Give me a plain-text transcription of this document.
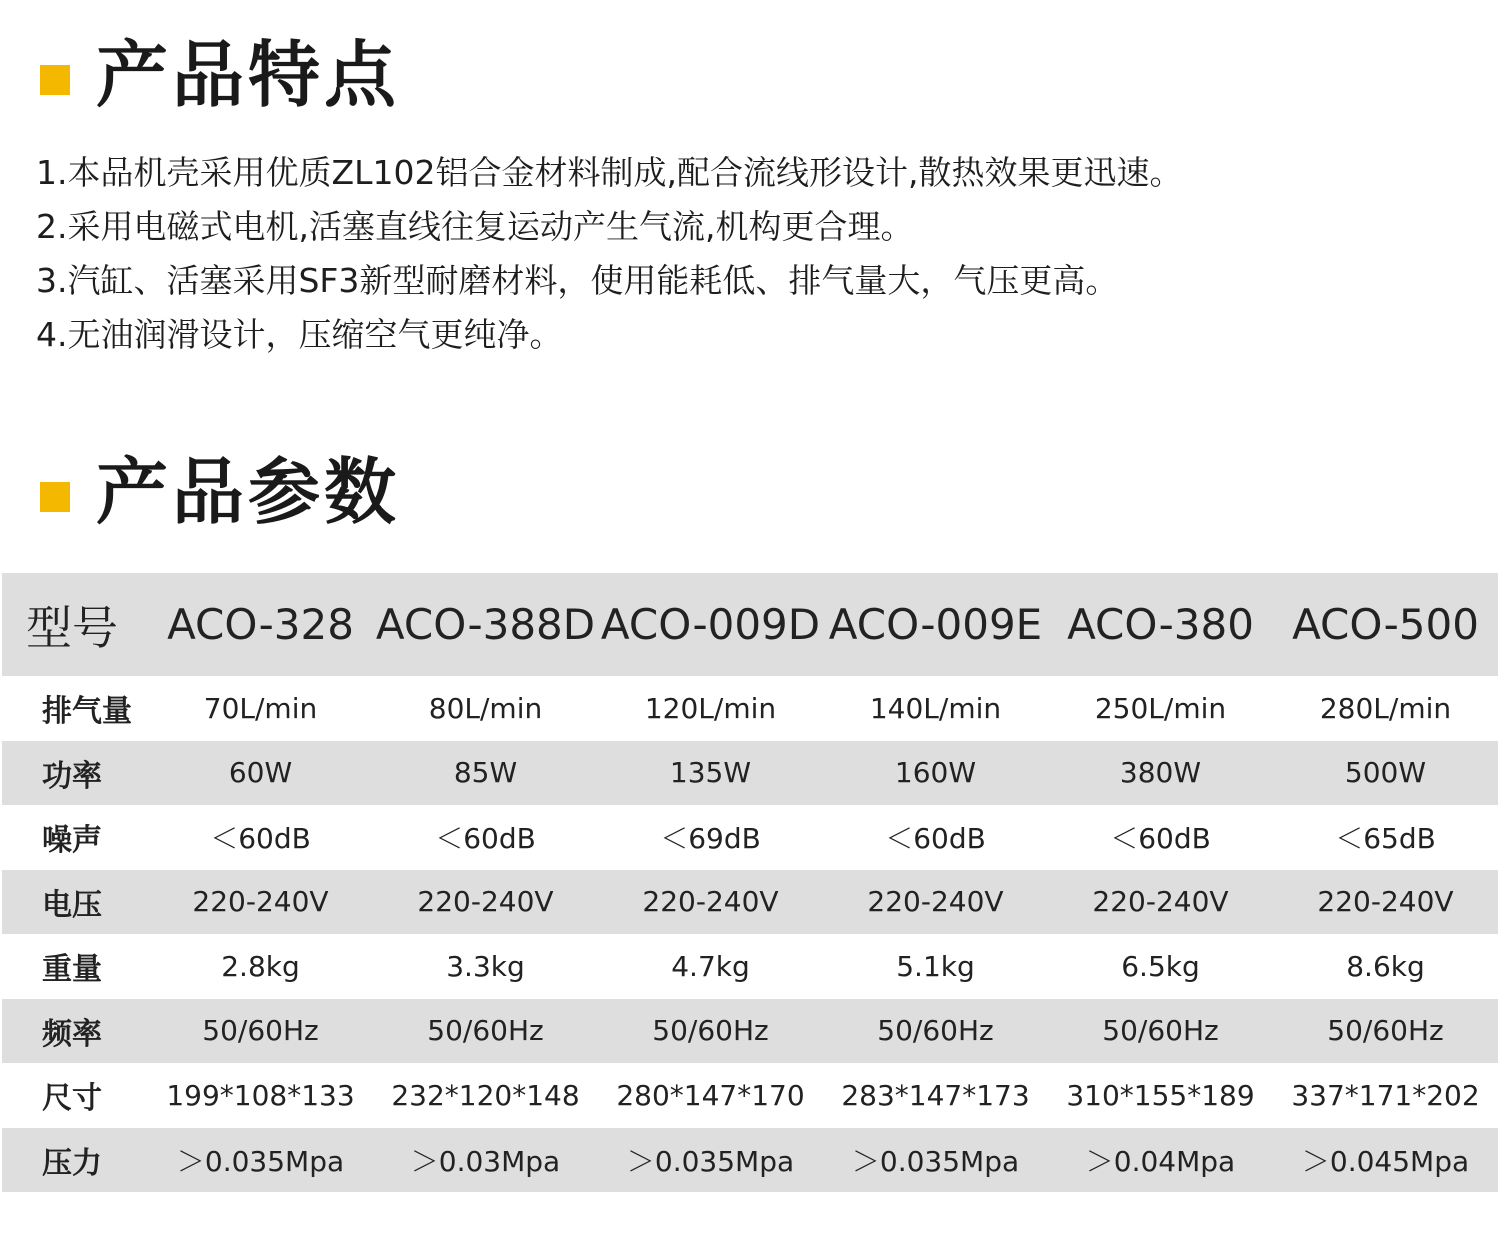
产品特点
1.本品机壳采用优质ZL102铝合金材料制成,配合流线形设计,散热效果更迅速。
2.采用电磁式电机,活塞直线往复运动产生气流,机构更合理。
3.汽缸、活塞采用SF3新型耐磨材料，使用能耗低、排气量大，气压更高。
4.无油润滑设计，压缩空气更纯净。
产品参数
型号	ACO-328	ACO-388D	ACO-009D	ACO-009E	ACO-380	ACO-500
排气量	70L/min	80L/min	120L/min	140L/min	250L/min	280L/min
功率	60W	85W	135W	160W	380W	500W
噪声	＜60dB	＜60dB	＜69dB	＜60dB	＜60dB	＜65dB
电压	220-240V	220-240V	220-240V	220-240V	220-240V	220-240V
重量	2.8kg	3.3kg	4.7kg	5.1kg	6.5kg	8.6kg
频率	50/60Hz	50/60Hz	50/60Hz	50/60Hz	50/60Hz	50/60Hz
尺寸	199*108*133	232*120*148	280*147*170	283*147*173	310*155*189	337*171*202
压力	＞0.035Mpa	＞0.03Mpa	＞0.035Mpa	＞0.035Mpa	＞0.04Mpa	＞0.045Mpa
